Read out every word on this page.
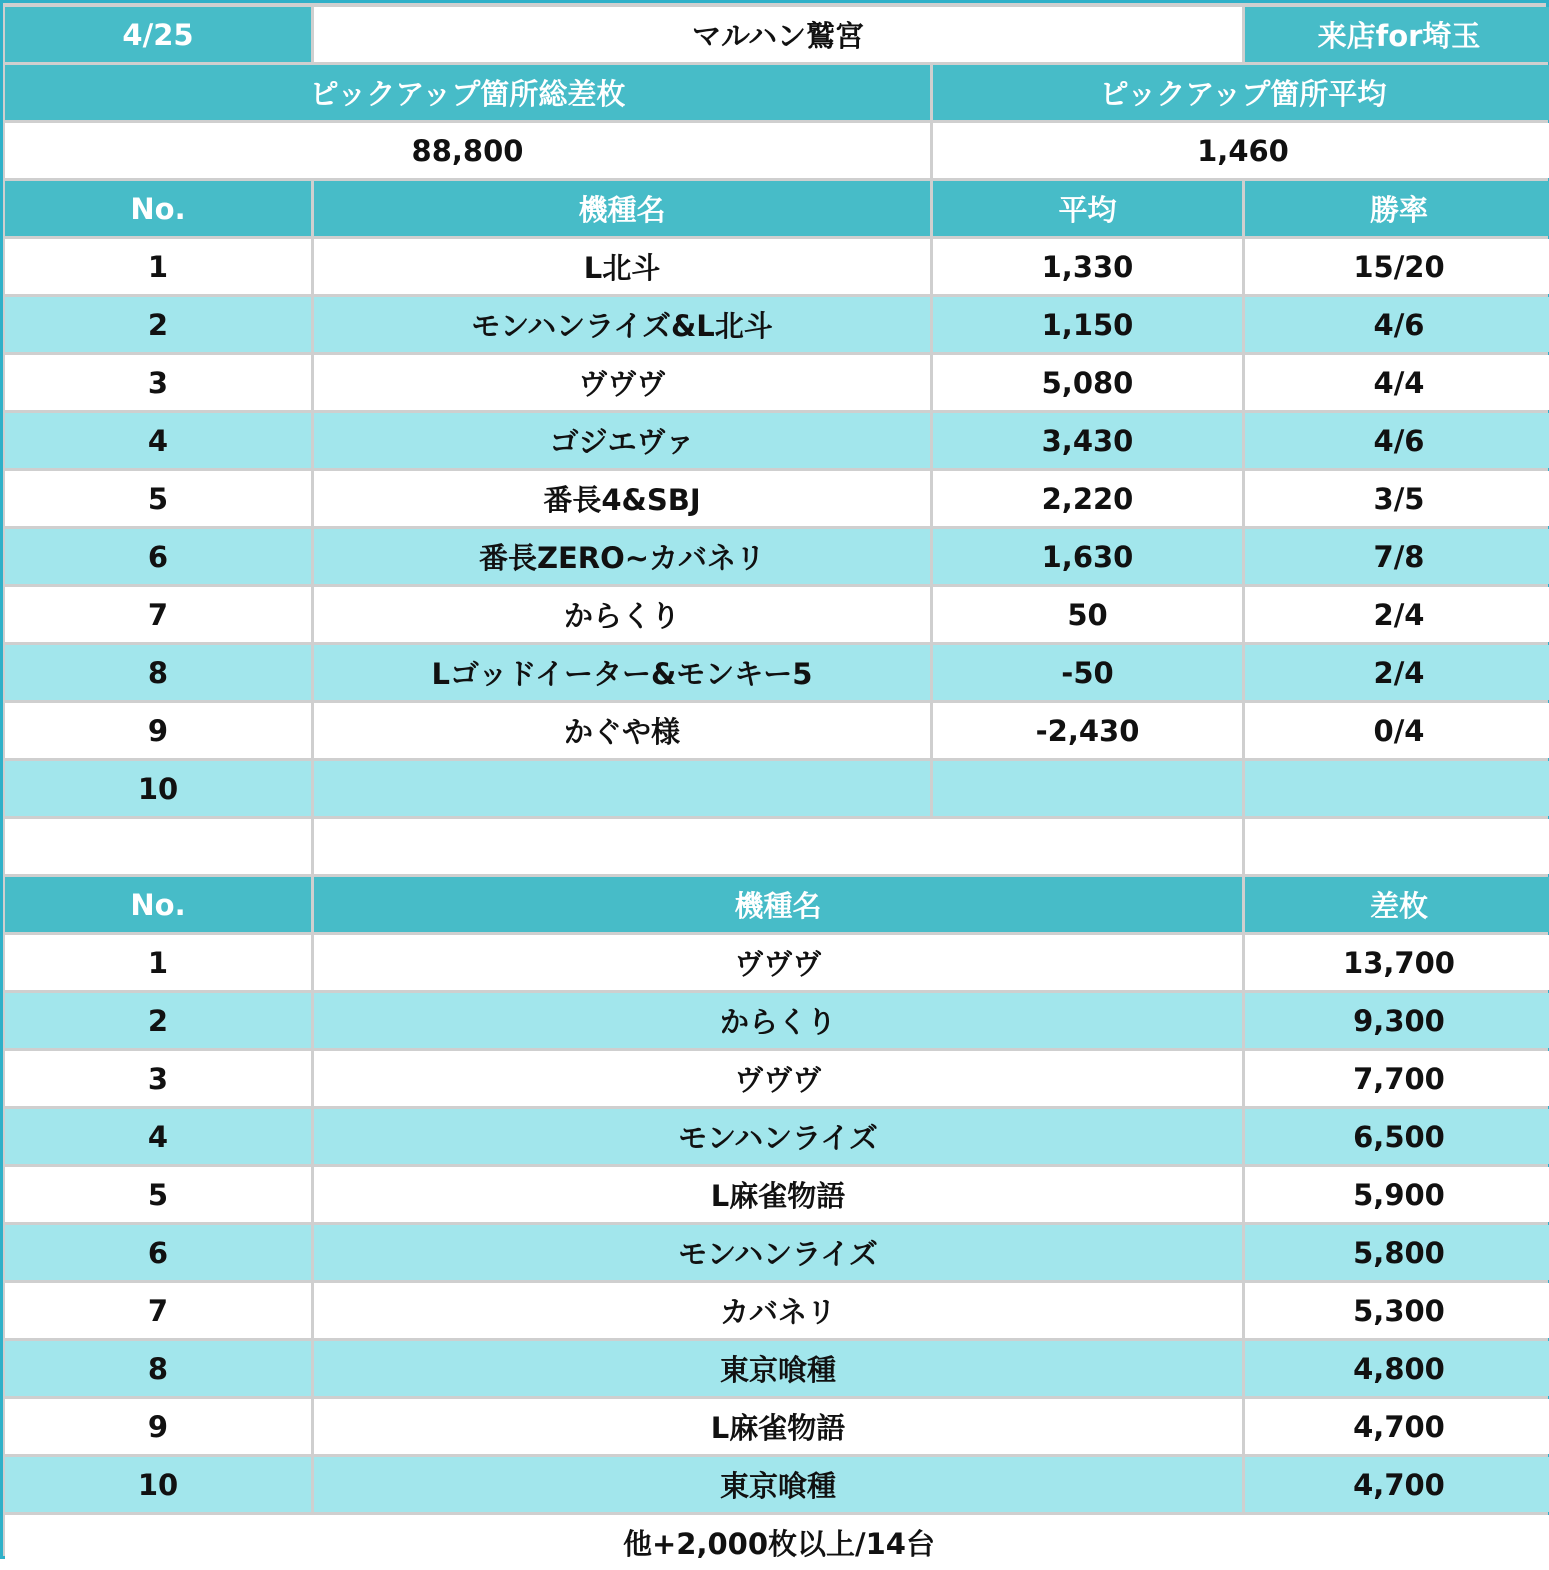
4/25	マルハン鷲宮	来店for埼玉
ピックアップ箇所総差枚	ピックアップ箇所平均
88,800	1,460
No.	機種名	平均	勝率
1	L北斗	1,330	15/20
2	モンハンライズ&L北斗	1,150	4/6
3	ヴヴヴ	5,080	4/4
4	ゴジエヴァ	3,430	4/6
5	番長4&SBJ	2,220	3/5
6	番長ZERO~カバネリ	1,630	7/8
7	からくり	50	2/4
8	Lゴッドイーター&モンキー5	-50	2/4
9	かぐや様	-2,430	0/4
10
No.	機種名	差枚
1	ヴヴヴ	13,700
2	からくり	9,300
3	ヴヴヴ	7,700
4	モンハンライズ	6,500
5	L麻雀物語	5,900
6	モンハンライズ	5,800
7	カバネリ	5,300
8	東京喰種	4,800
9	L麻雀物語	4,700
10	東京喰種	4,700
他+2,000枚以上/14台
